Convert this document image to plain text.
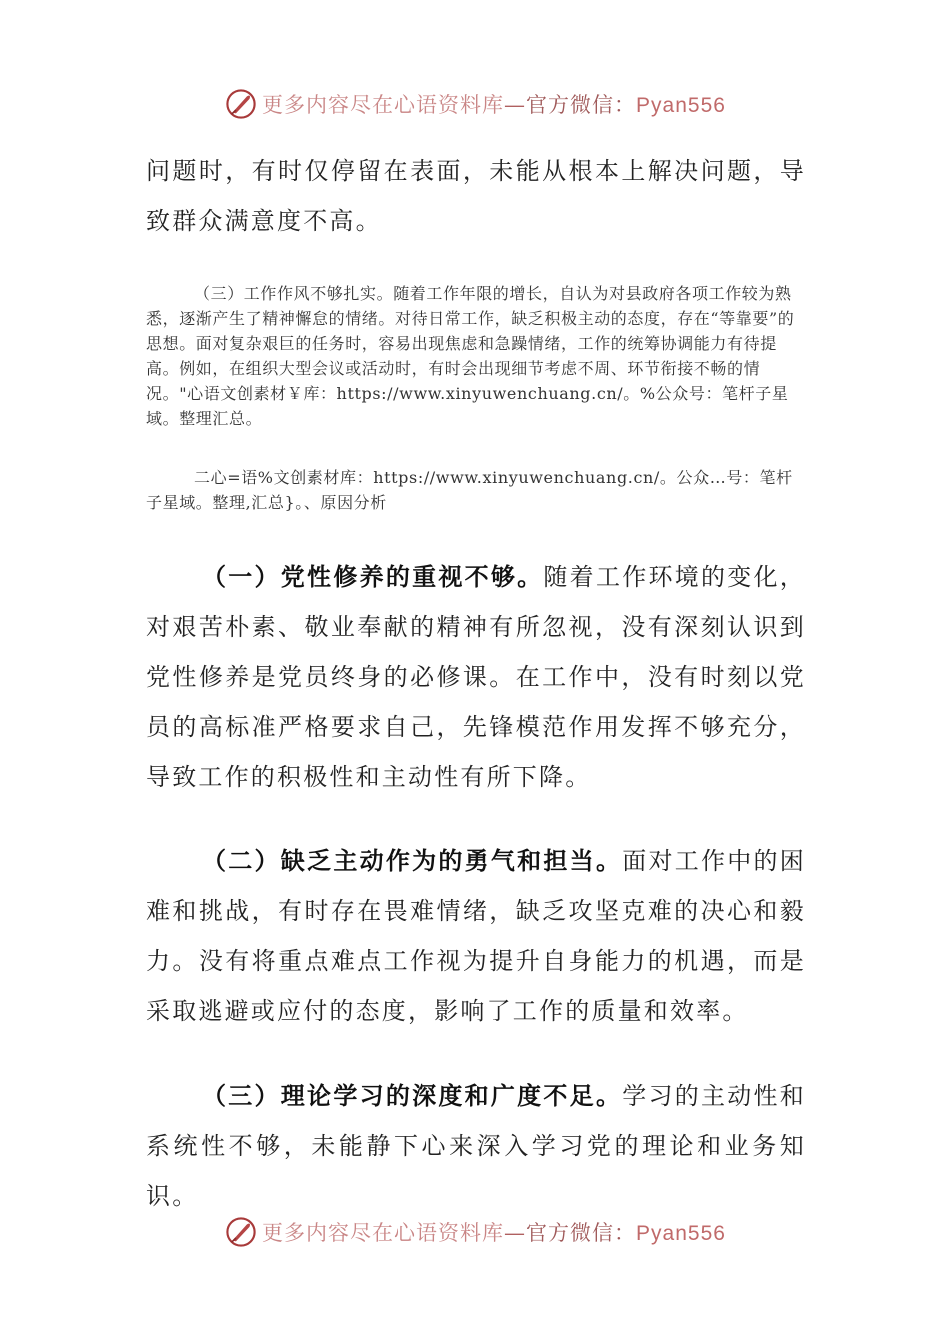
更多内容尽在心语资料库—官方微信：Pyan556

问题时，有时仅停留在表面，未能从根本上解决问题，导致群众满意度不高。

（三）工作作风不够扎实。随着工作年限的增长，自认为对县政府各项工作较为熟悉，逐渐产生了精神懈怠的情绪。对待日常工作，缺乏积极主动的态度，存在“等靠要”的思想。面对复杂艰巨的任务时，容易出现焦虑和急躁情绪，工作的统筹协调能力有待提高。例如，在组织大型会议或活动时，有时会出现细节考虑不周、环节衔接不畅的情况。"心语文创素材￥库：https://www.xinyuwenchuang.cn/。%公众号：笔杆子星域。整理汇总。

二心=语%文创素材库：https://www.xinyuwenchuang.cn/。公众…号：笔杆子星域。整理,汇总}。、原因分析

（一）党性修养的重视不够。随着工作环境的变化，对艰苦朴素、敬业奉献的精神有所忽视，没有深刻认识到党性修养是党员终身的必修课。在工作中，没有时刻以党员的高标准严格要求自己，先锋模范作用发挥不够充分，导致工作的积极性和主动性有所下降。

（二）缺乏主动作为的勇气和担当。面对工作中的困难和挑战，有时存在畏难情绪，缺乏攻坚克难的决心和毅力。没有将重点难点工作视为提升自身能力的机遇，而是采取逃避或应付的态度，影响了工作的质量和效率。

（三）理论学习的深度和广度不足。学习的主动性和系统性不够，未能静下心来深入学习党的理论和业务知识。

更多内容尽在心语资料库—官方微信：Pyan556
